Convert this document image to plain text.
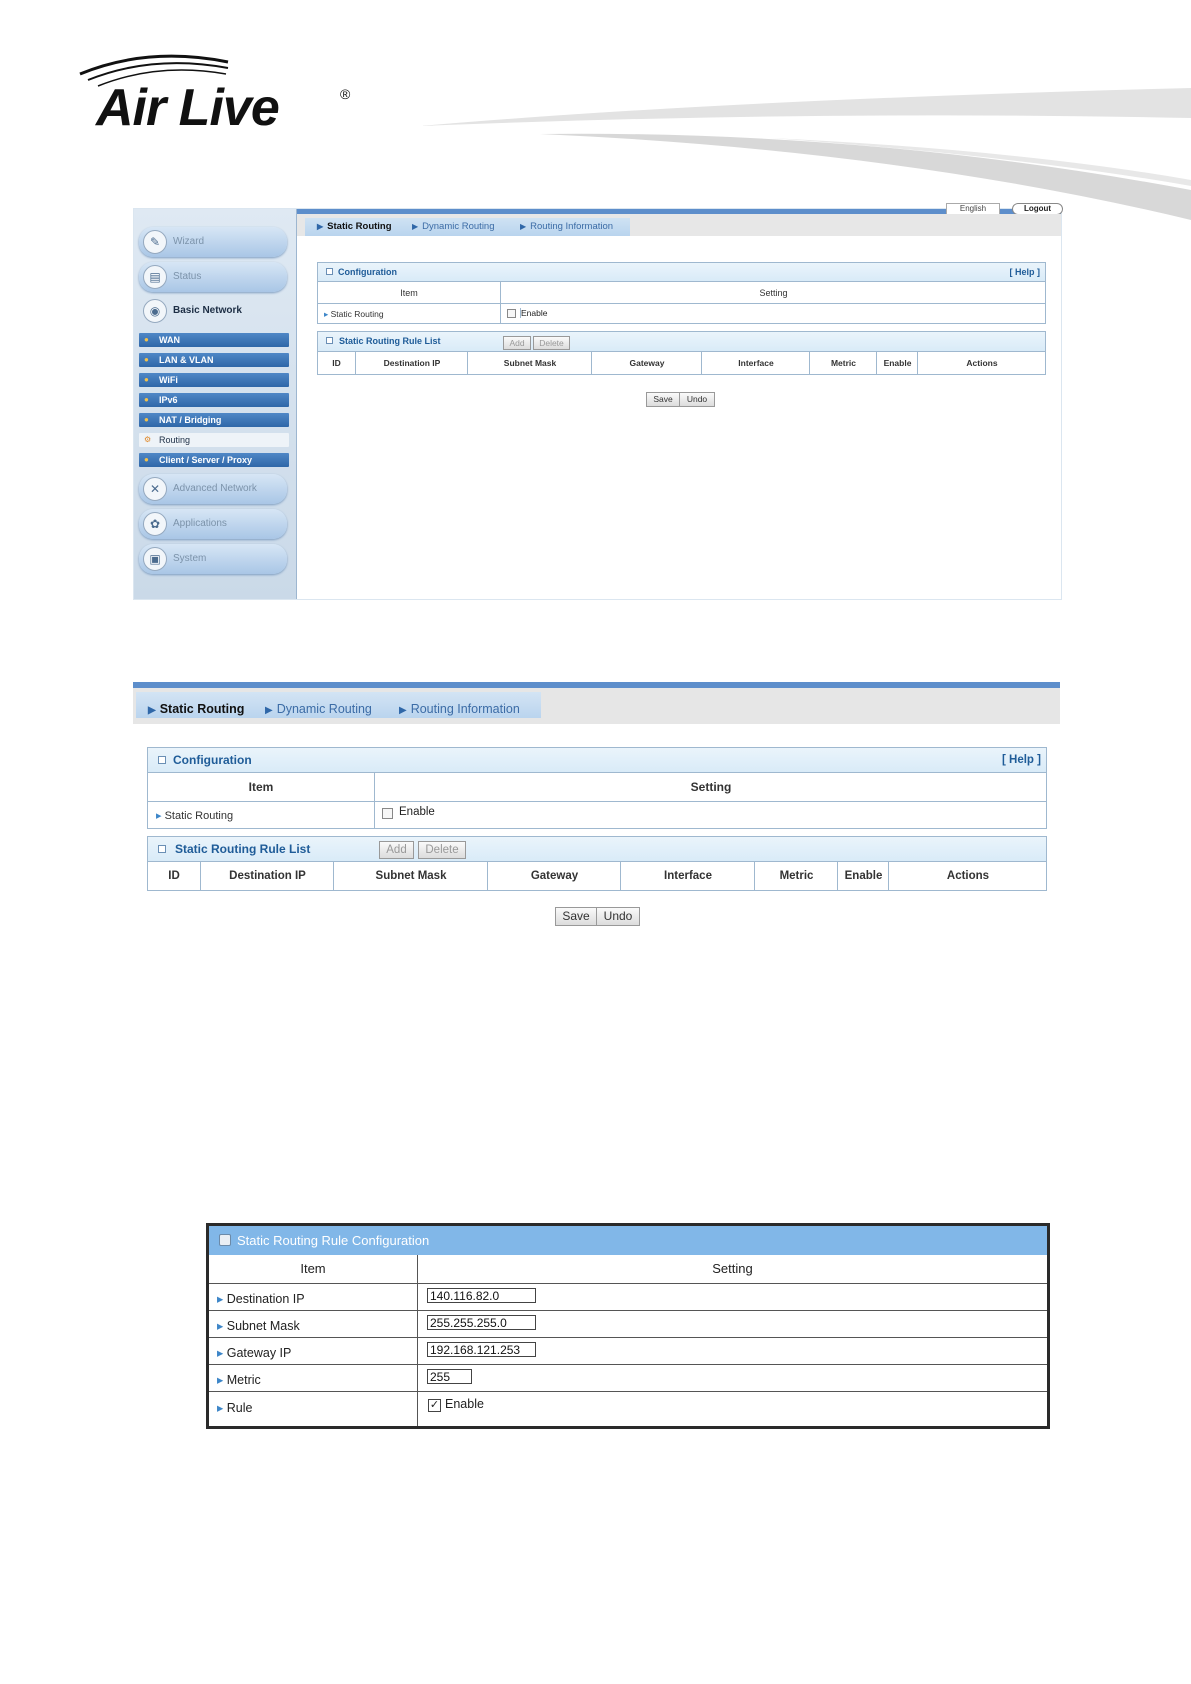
Air Live	®
✎	Wizard
▤	Status
◉	Basic Network
● WAN
● LAN & VLAN
● WiFi
● IPv6
● NAT / Bridging
⚙ Routing
● Client / Server / Proxy
✕	Advanced Network
✿	Applications
▣	System
English	Logout
▶ Static Routing	▶ Dynamic Routing	▶ Routing Information
Configuration	[ Help ]
Item	Setting
▸ Static Routing	Enable
Static Routing Rule List	Add	Delete
ID	Destination IP	Subnet Mask	Gateway	Interface	Metric	Enable	Actions
Save	Undo
▶ Static Routing ▶ Dynamic Routing	▶ Routing Information
Configuration	[ Help ]
Item	Setting
▸ Static Routing	Enable
Static Routing Rule List	Add	Delete
ID	Destination IP	Subnet Mask	Gateway	Interface	Metric	Enable	Actions
Save	Undo
Static Routing Rule Configuration
Item	Setting
▸ Destination IP	140.116.82.0
▸ Subnet Mask	255.255.255.0
▸ Gateway IP	192.168.121.253
▸ Metric	255
▸ Rule	✓ Enable
